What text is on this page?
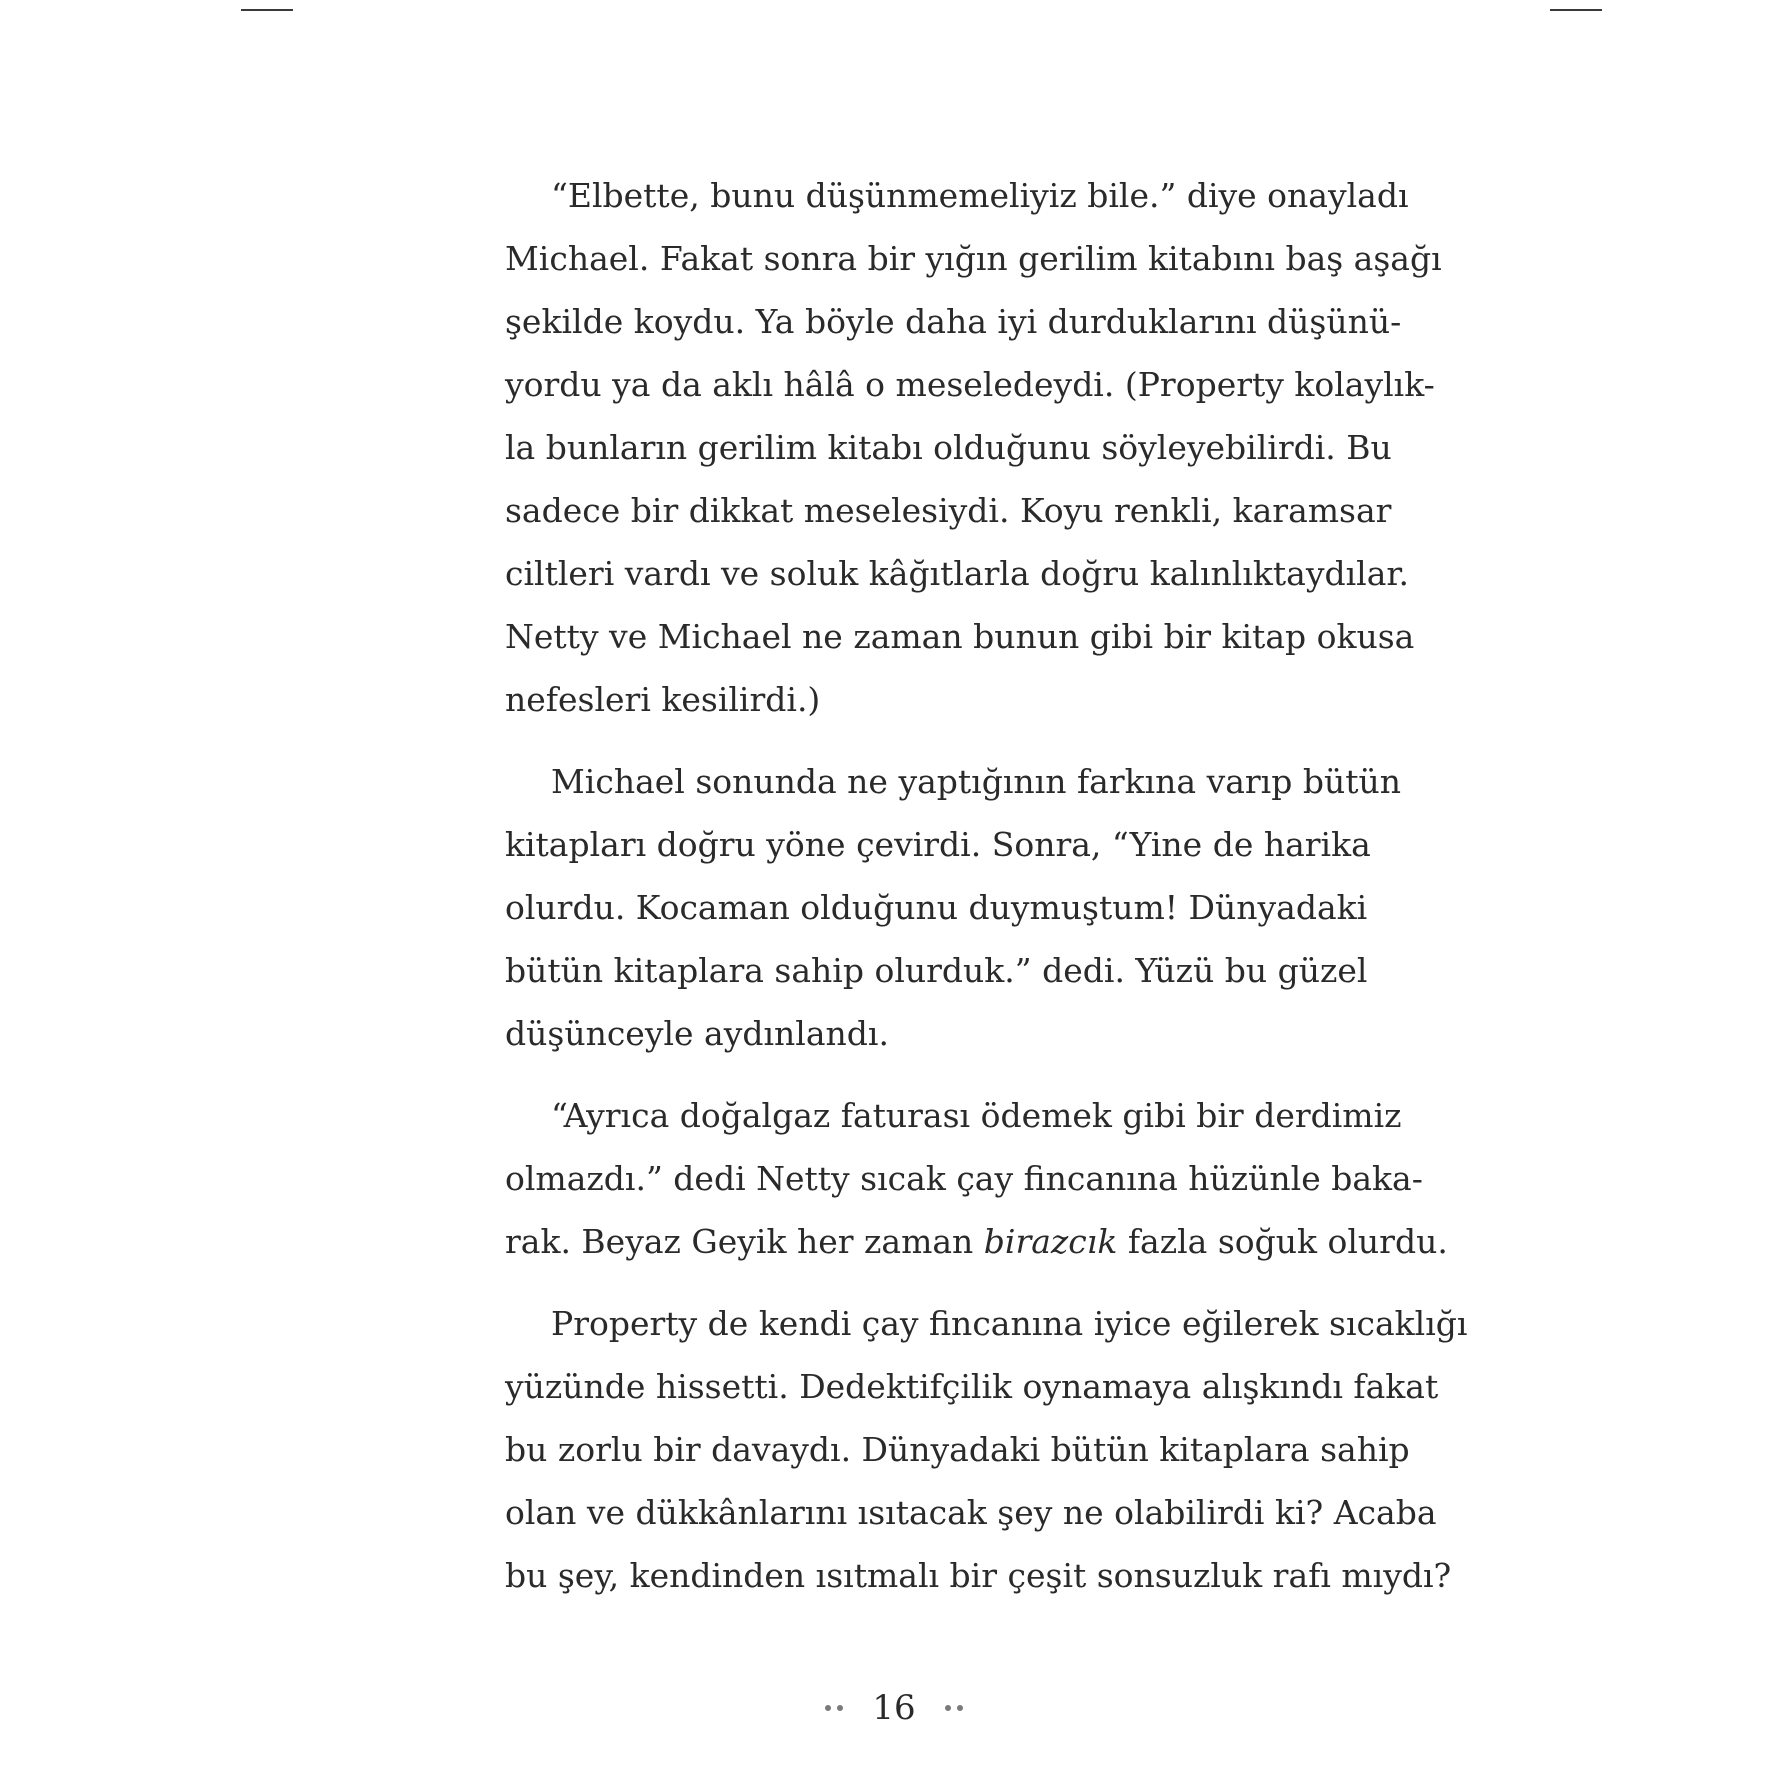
“Elbette, bunu düşünmemeliyiz bile.” diye onayladı
Michael. Fakat sonra bir yığın gerilim kitabını baş aşağı
şekilde koydu. Ya böyle daha iyi durduklarını düşünü-
yordu ya da aklı hâlâ o meseledeydi. (Property kolaylık-
la bunların gerilim kitabı olduğunu söyleyebilirdi. Bu
sadece bir dikkat meselesiydi. Koyu renkli, karamsar
ciltleri vardı ve soluk kâğıtlarla doğru kalınlıktaydılar.
Netty ve Michael ne zaman bunun gibi bir kitap okusa
nefesleri kesilirdi.)
Michael sonunda ne yaptığının farkına varıp bütün
kitapları doğru yöne çevirdi. Sonra, “Yine de harika
olurdu. Kocaman olduğunu duymuştum! Dünyadaki
bütün kitaplara sahip olurduk.” dedi. Yüzü bu güzel
düşünceyle aydınlandı.
“Ayrıca doğalgaz faturası ödemek gibi bir derdimiz
olmazdı.” dedi Netty sıcak çay fincanına hüzünle baka-
rak. Beyaz Geyik her zaman birazcık fazla soğuk olurdu.
Property de kendi çay fincanına iyice eğilerek sıcaklığı
yüzünde hissetti. Dedektifçilik oynamaya alışkındı fakat
bu zorlu bir davaydı. Dünyadaki bütün kitaplara sahip
olan ve dükkânlarını ısıtacak şey ne olabilirdi ki? Acaba
bu şey, kendinden ısıtmalı bir çeşit sonsuzluk rafı mıydı?
16
